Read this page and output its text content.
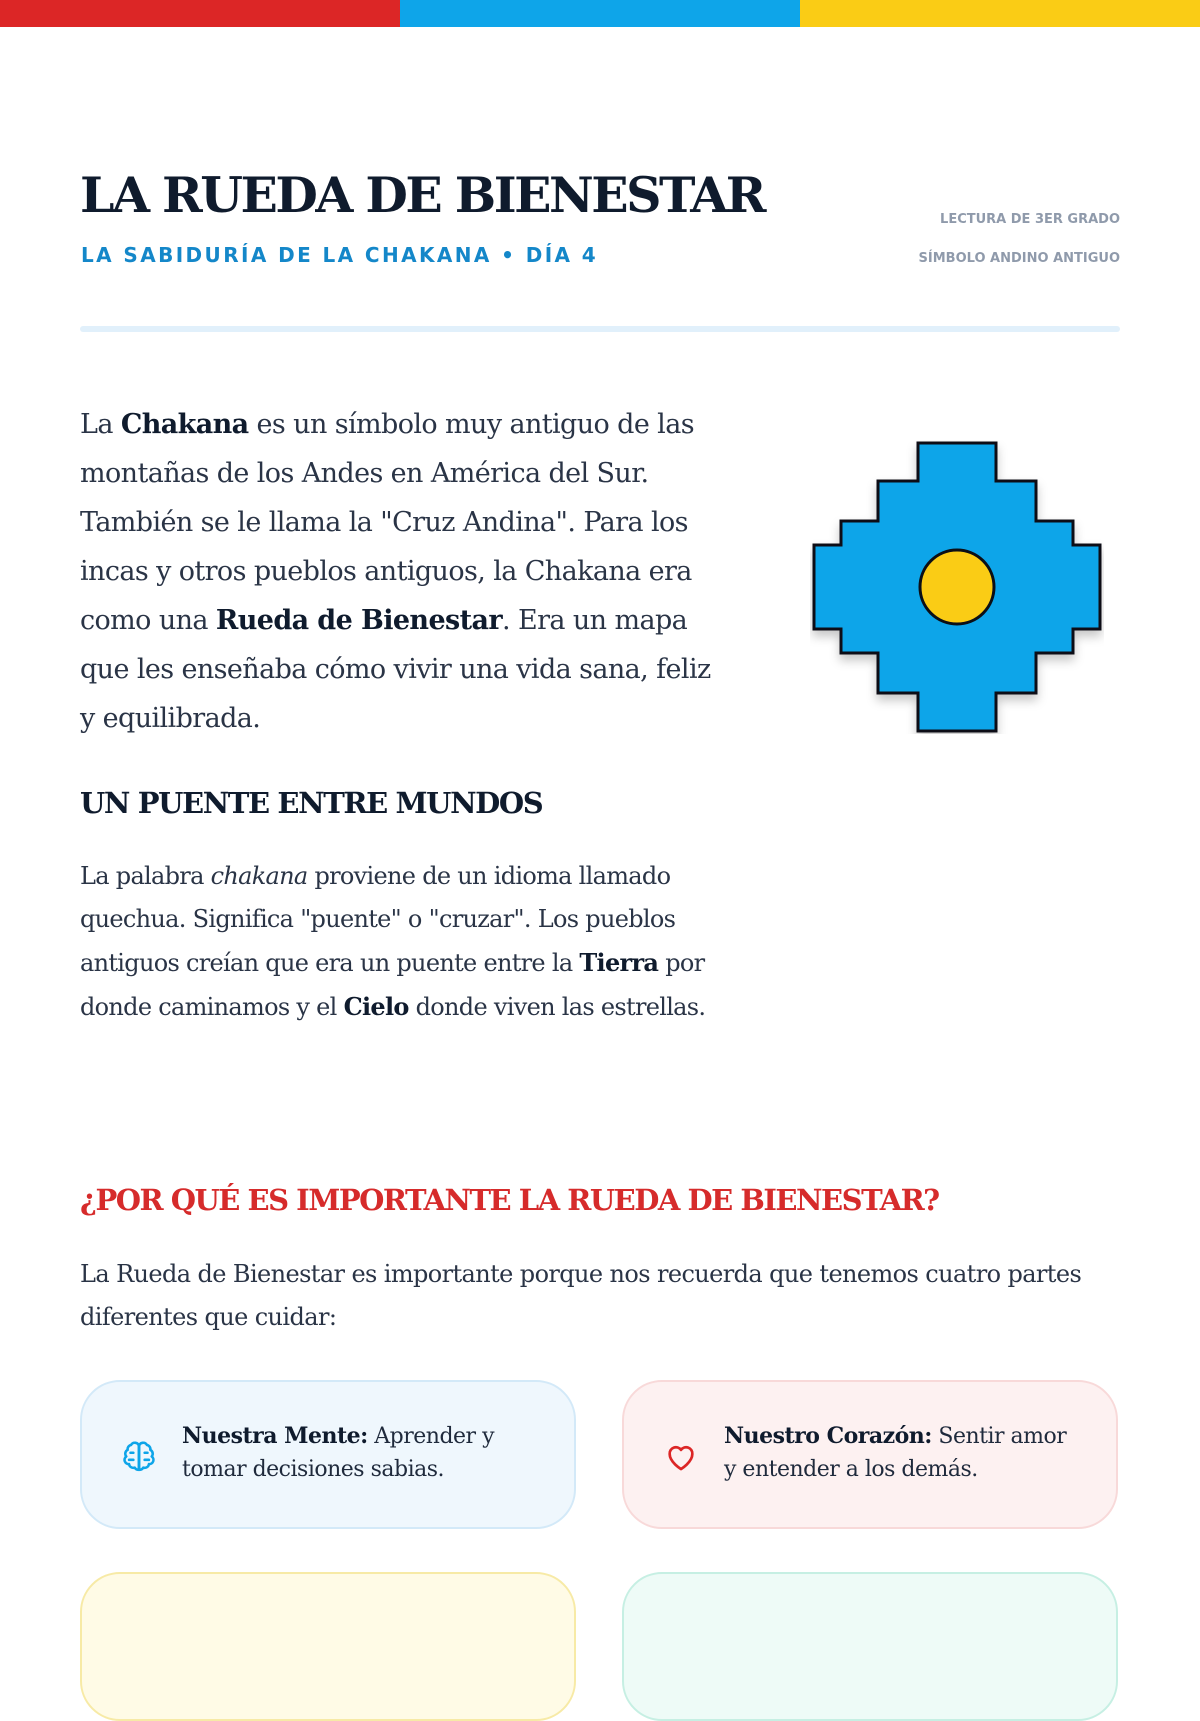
LA RUEDA DE BIENESTAR
LA SABIDURÍA DE LA CHAKANA • DÍA 4
LECTURA DE 3ER GRADO
SÍMBOLO ANDINO ANTIGUO

La Chakana es un símbolo muy antiguo de las montañas de los Andes en América del Sur. También se le llama la "Cruz Andina". Para los incas y otros pueblos antiguos, la Chakana era como una Rueda de Bienestar. Era un mapa que les enseñaba cómo vivir una vida sana, feliz y equilibrada.

UN PUENTE ENTRE MUNDOS

La palabra chakana proviene de un idioma llamado quechua. Significa "puente" o "cruzar". Los pueblos antiguos creían que era un puente entre la Tierra por donde caminamos y el Cielo donde viven las estrellas.

¿POR QUÉ ES IMPORTANTE LA RUEDA DE BIENESTAR?

La Rueda de Bienestar es importante porque nos recuerda que tenemos cuatro partes diferentes que cuidar:

Nuestra Mente: Aprender y tomar decisiones sabias.

Nuestro Corazón: Sentir amor y entender a los demás.
